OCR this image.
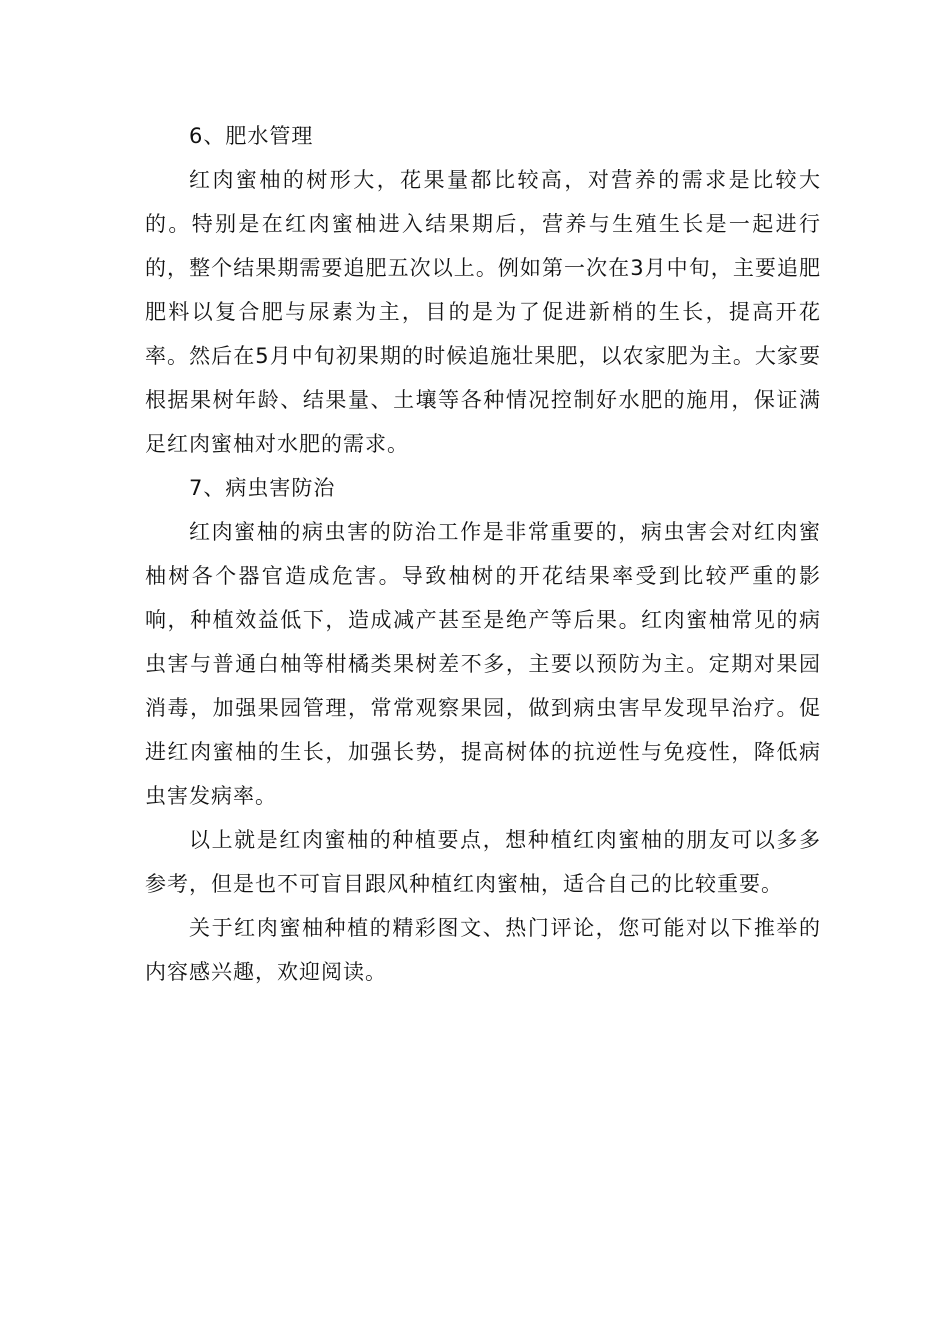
6、肥水管理

红肉蜜柚的树形大，花果量都比较高，对营养的需求是比较大的。特别是在红肉蜜柚进入结果期后，营养与生殖生长是一起进行的，整个结果期需要追肥五次以上。例如第一次在3月中旬，主要追肥肥料以复合肥与尿素为主，目的是为了促进新梢的生长，提高开花率。然后在5月中旬初果期的时候追施壮果肥，以农家肥为主。大家要根据果树年龄、结果量、土壤等各种情况控制好水肥的施用，保证满足红肉蜜柚对水肥的需求。

7、病虫害防治

红肉蜜柚的病虫害的防治工作是非常重要的，病虫害会对红肉蜜柚树各个器官造成危害。导致柚树的开花结果率受到比较严重的影响，种植效益低下，造成减产甚至是绝产等后果。红肉蜜柚常见的病虫害与普通白柚等柑橘类果树差不多，主要以预防为主。定期对果园消毒，加强果园管理，常常观察果园，做到病虫害早发现早治疗。促进红肉蜜柚的生长，加强长势，提高树体的抗逆性与免疫性，降低病虫害发病率。

以上就是红肉蜜柚的种植要点，想种植红肉蜜柚的朋友可以多多参考，但是也不可盲目跟风种植红肉蜜柚，适合自己的比较重要。

关于红肉蜜柚种植的精彩图文、热门评论，您可能对以下推举的内容感兴趣，欢迎阅读。
